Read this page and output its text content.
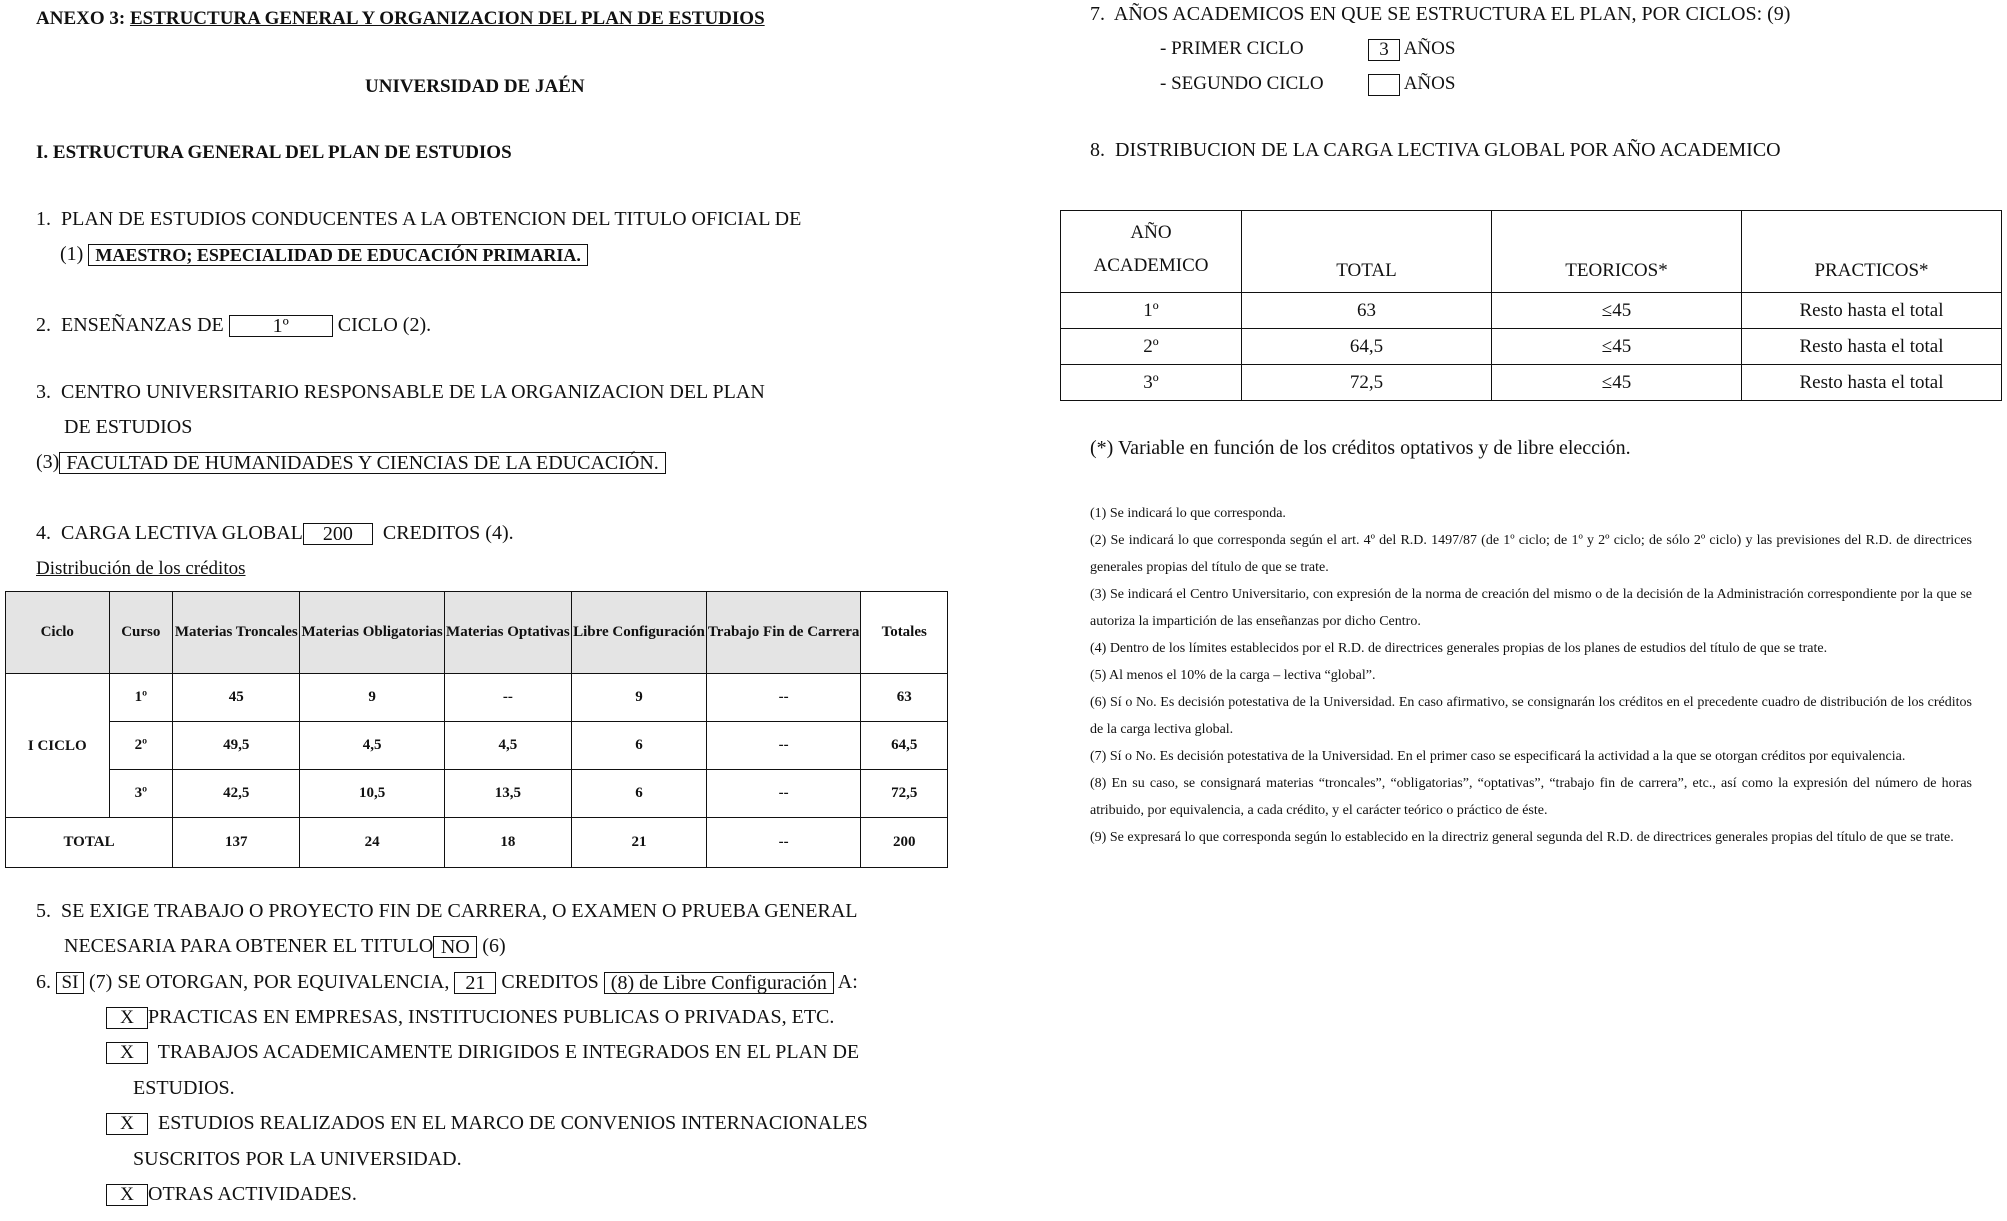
ANEXO 3: ESTRUCTURA GENERAL Y ORGANIZACION DEL PLAN DE ESTUDIOS
UNIVERSIDAD DE JAÉN
I. ESTRUCTURA GENERAL DEL PLAN DE ESTUDIOS
1. PLAN DE ESTUDIOS CONDUCENTES A LA OBTENCION DEL TITULO OFICIAL DE
(1) MAESTRO; ESPECIALIDAD DE EDUCACIÓN PRIMARIA.
2. ENSEÑANZAS DE 1º CICLO (2).
3. CENTRO UNIVERSITARIO RESPONSABLE DE LA ORGANIZACION DEL PLAN
DE ESTUDIOS
(3) FACULTAD DE HUMANIDADES Y CIENCIAS DE LA EDUCACIÓN.
4. CARGA LECTIVA GLOBAL 200 CREDITOS (4).
Distribución de los créditos
Ciclo	Curso	Materias Troncales	Materias Obligatorias	Materias Optativas	Libre Configuración	Trabajo Fin de Carrera	Totales
I CICLO	1º	45	9	--	9	--	63
	2º	49,5	4,5	4,5	6	--	64,5
	3º	42,5	10,5	13,5	6	--	72,5
TOTAL		137	24	18	21	--	200
5. SE EXIGE TRABAJO O PROYECTO FIN DE CARRERA, O EXAMEN O PRUEBA GENERAL
NECESARIA PARA OBTENER EL TITULO NO (6)
6. SI (7) SE OTORGAN, POR EQUIVALENCIA, 21 CREDITOS (8) de Libre Configuración A:
X PRACTICAS EN EMPRESAS, INSTITUCIONES PUBLICAS O PRIVADAS, ETC.
X TRABAJOS ACADEMICAMENTE DIRIGIDOS E INTEGRADOS EN EL PLAN DE
ESTUDIOS.
X ESTUDIOS REALIZADOS EN EL MARCO DE CONVENIOS INTERNACIONALES
SUSCRITOS POR LA UNIVERSIDAD.
X OTRAS ACTIVIDADES.
7. AÑOS ACADEMICOS EN QUE SE ESTRUCTURA EL PLAN, POR CICLOS: (9)
- PRIMER CICLO	3 AÑOS
- SEGUNDO CICLO	AÑOS
8. DISTRIBUCION DE LA CARGA LECTIVA GLOBAL POR AÑO ACADEMICO
AÑO
ACADEMICO	TOTAL	TEORICOS*	PRACTICOS*
1º	63	≤45	Resto hasta el total
2º	64,5	≤45	Resto hasta el total
3º	72,5	≤45	Resto hasta el total
(*) Variable en función de los créditos optativos y de libre elección.

(1) Se indicará lo que corresponda.

(2) Se indicará lo que corresponda según el art. 4º del R.D. 1497/87 (de 1º ciclo; de 1º y 2º ciclo; de sólo 2º ciclo) y las previsiones del R.D. de directrices generales propias del título de que se trate.

(3) Se indicará el Centro Universitario, con expresión de la norma de creación del mismo o de la decisión de la Administración correspondiente por la que se autoriza la impartición de las enseñanzas por dicho Centro.

(4) Dentro de los límites establecidos por el R.D. de directrices generales propias de los planes de estudios del título de que se trate.

(5) Al menos el 10% de la carga – lectiva “global”.

(6) Sí o No. Es decisión potestativa de la Universidad. En caso afirmativo, se consignarán los créditos en el precedente cuadro de distribución de los créditos de la carga lectiva global.

(7) Sí o No. Es decisión potestativa de la Universidad. En el primer caso se especificará la actividad a la que se otorgan créditos por equivalencia.

(8) En su caso, se consignará materias “troncales”, “obligatorias”, “optativas”, “trabajo fin de carrera”, etc., así como la expresión del número de horas atribuido, por equivalencia, a cada crédito, y el carácter teórico o práctico de éste.

(9) Se expresará lo que corresponda según lo establecido en la directriz general segunda del R.D. de directrices generales propias del título de que se trate.
